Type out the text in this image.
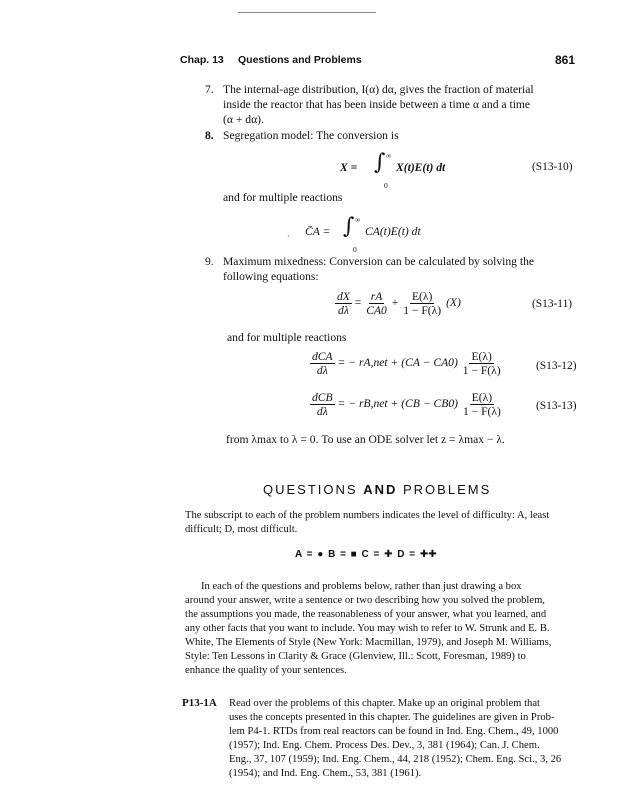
Chap. 13 Questions and Problems	861
7. The internal-age distribution, I(α) dα, gives the fraction of material
inside the reactor that has been inside between a time α and a time
(α + dα).
8. Segregation model: The conversion is
X = ∫ ∞
0
X(t)E(t) dt	(S13-10)
and for multiple reactions
· C̄A = ∫ ∞
0
CA(t)E(t) dt
9. Maximum mixedness: Conversion can be calculated by solving the
following equations:
$\frac{dX}{d\lambda} = \frac{rA}{CA0} + \frac{E(\lambda)}{1 - F(\lambda)} (X)$	(S13-11)
and for multiple reactions
$\frac{\text{dCA}}{d\lambda}$ = − $rA,net + (CA - CA0) \frac{E(\lambda)}{1 - F(\lambda)}$	(S13-12)
$\frac{\text{dCB}}{d\lambda}$ = − $rB,net + (CB - CB0) \frac{E(\lambda)}{1 - F(\lambda)}$	(S13-13)
from λmax to λ = 0. To use an ODE solver let z = λmax − λ.
QUESTIONS AND PROBLEMS
The subscript to each of the problem numbers indicates the level of difficulty: A, least
difficult; D, most difficult.
A = ● B = ■ C = ✚ D = ✚✚
In each of the questions and problems below, rather than just drawing a box
around your answer, write a sentence or two describing how you solved the problem,
the assumptions you made, the reasonableness of your answer, what you learned, and
any other facts that you want to include. You may wish to refer to W. Strunk and E. B.
White, The Elements of Style (New York: Macmillan, 1979), and Joseph M. Williams,
Style: Ten Lessons in Clarity & Grace (Glenview, Ill.: Scott, Foresman, 1989) to
enhance the quality of your sentences.
P13-1A Read over the problems of this chapter. Make up an original problem that
uses the concepts presented in this chapter. The guidelines are given in Prob-
lem P4-1. RTDs from real reactors can be found in Ind. Eng. Chem., 49, 1000
(1957); Ind. Eng. Chem. Process Des. Dev., 3, 381 (1964); Can. J. Chem.
Eng., 37, 107 (1959); Ind. Eng. Chem., 44, 218 (1952); Chem. Eng. Sci., 3, 26
(1954); and Ind. Eng. Chem., 53, 381 (1961).
